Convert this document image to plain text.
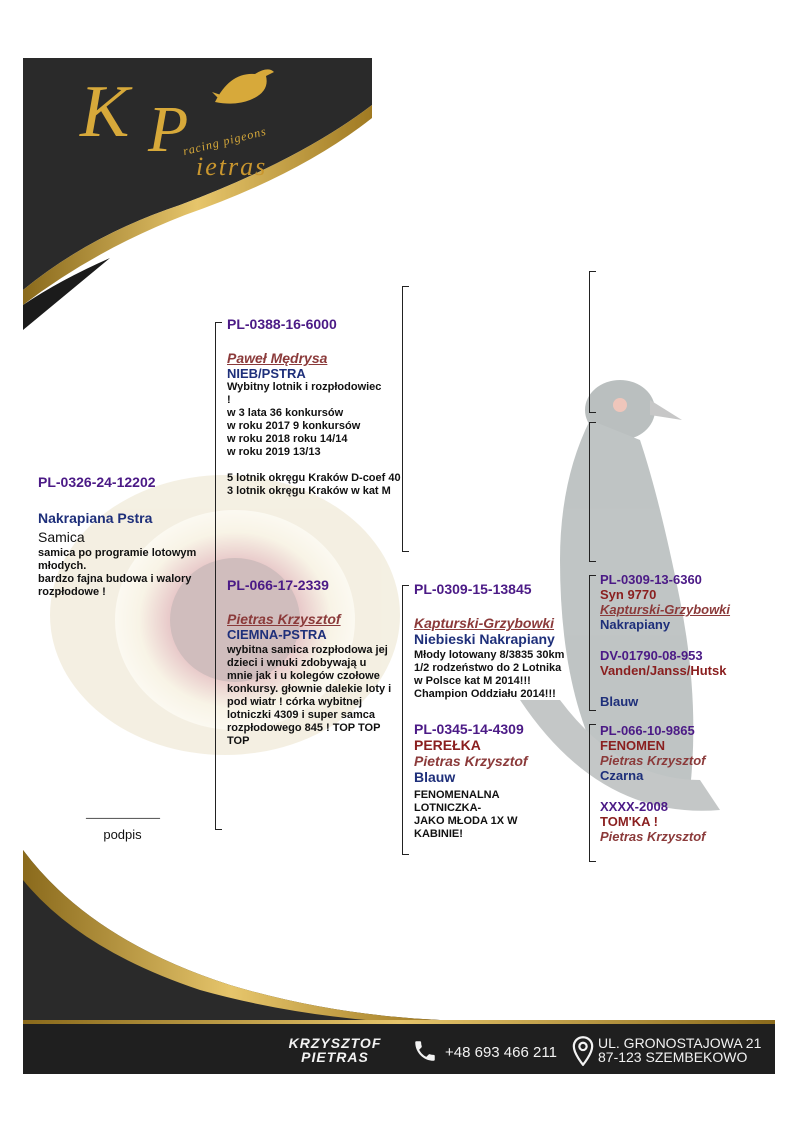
K P
racing pigeons
ietras
PL-0326-24-12202
Nakrapiana Pstra
Samica
samica po programie lotowym młodych.
bardzo fajna budowa i walory rozpłodowe !
-------------------------------------
podpis
PL-0388-16-6000
Paweł Mędrysa
NIEB/PSTRA
Wybitny lotnik i rozpłodowiec
!
w 3 lata 36 konkursów
w roku 2017 9 konkursów
w roku 2018 roku 14/14
w roku 2019 13/13

5 lotnik okręgu Kraków D-coef 40
3 lotnik okręgu Kraków w kat M
PL-066-17-2339
Pietras Krzysztof
CIEMNA-PSTRA
wybitna samica rozpłodowa jej dzieci i wnuki zdobywają u
mnie jak i u kolegów czołowe
konkursy. głownie dalekie loty i pod wiatr ! córka wybitnej lotniczki 4309 i super samca rozpłodowego 845 ! TOP TOP TOP
PL-0309-15-13845
Kapturski-Grzybowki
Niebieski Nakrapiany
Młody lotowany 8/3835 30km
1/2 rodzeństwo do 2 Lotnika
w Polsce kat M 2014!!!
Champion Oddziału 2014!!!
PL-0345-14-4309
PEREŁKA
Pietras Krzysztof
Blauw
FENOMENALNA
LOTNICZKA-
JAKO MŁODA 1X W
KABINIE!
PL-0309-13-6360
Syn 9770
Kapturski-Grzybowki
Nakrapiany
DV-01790-08-953
Vanden/Janss/Hutsk
Blauw
PL-066-10-9865
FENOMEN
Pietras Krzysztof
Czarna
XXXX-2008
TOM'KA !
Pietras Krzysztof
KRZYSZTOF
PIETRAS	+48 693 466 211
UL. GRONOSTAJOWA 21
87-123 SZEMBEKOWO
